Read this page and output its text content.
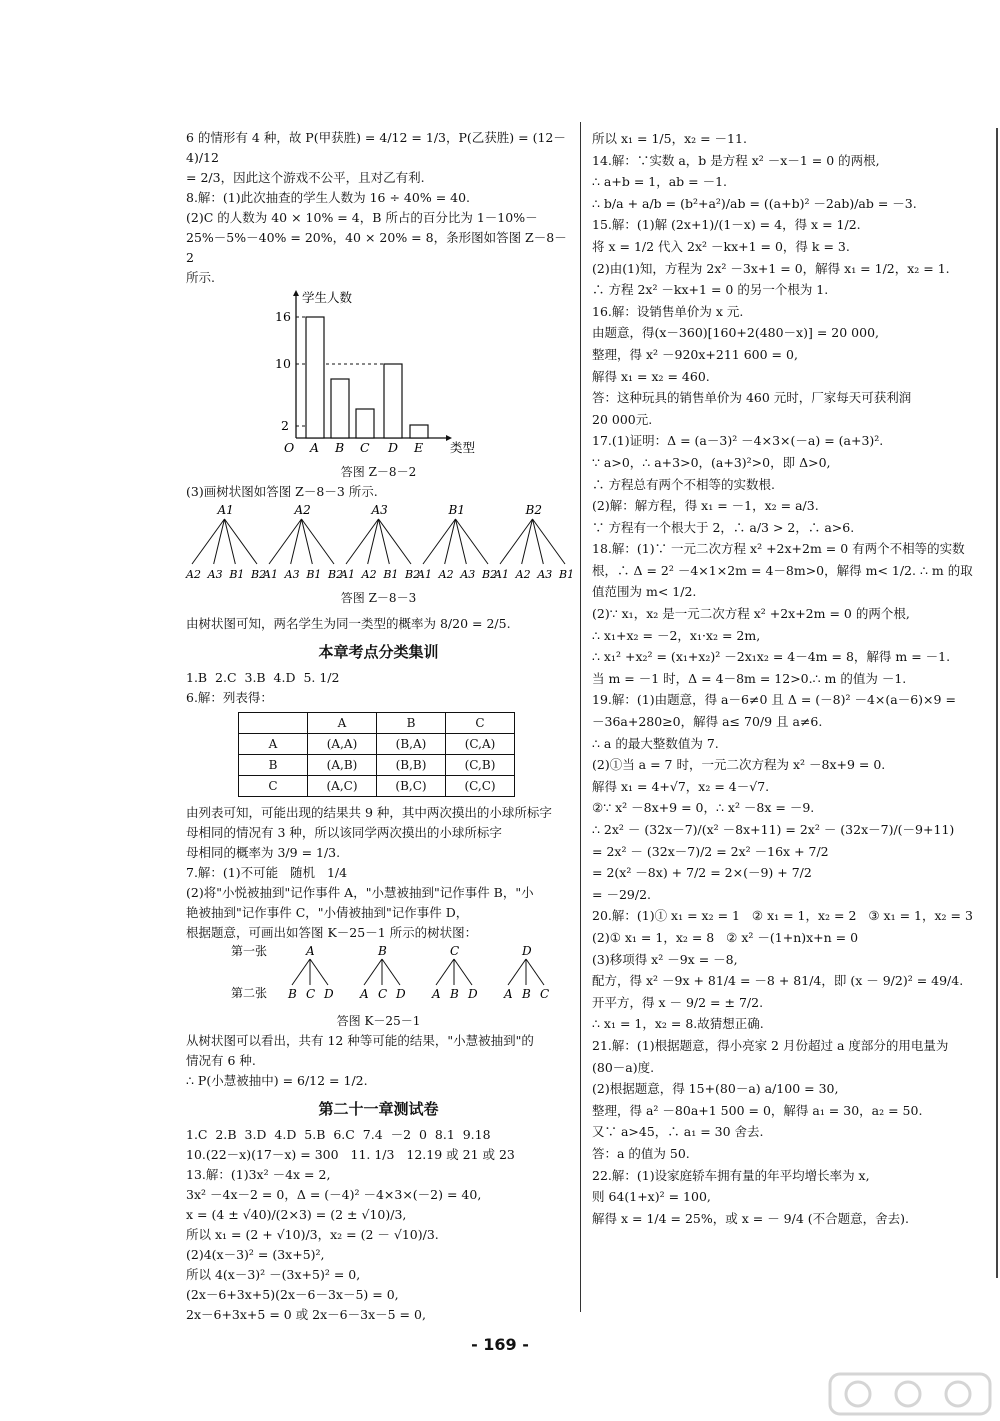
6 的情形有 4 种，故 P(甲获胜) = 4/12 = 1/3，P(乙获胜) = (12－4)/12
= 2/3，因此这个游戏不公平，且对乙有利.
8.解：(1)此次抽查的学生人数为 16 ÷ 40% = 40.
(2)C 的人数为 40 × 10% = 4，B 所占的百分比为 1－10%－
25%－5%－40% = 20%，40 × 20% = 8，条形图如答图 Z－8－2
所示.
学生人数
类型
O
2
10
16
A B C D E
答图 Z－8－2
(3)画树状图如答图 Z－8－3 所示.
A1
A2 A3 B1 B2
A2
A1 A3 B1 B2
A3
A1 A2 B1 B2
B1
A1 A2 A3 B2
B2
A1 A2 A3 B1
答图 Z－8－3
由树状图可知，两名学生为同一类型的概率为 8/20 = 2/5.
本章考点分类集训
1.B  2.C  3.B  4.D  5. 1/2
6.解：列表得：
	A	B	C
A	(A,A)	(B,A)	(C,A)
B	(A,B)	(B,B)	(C,B)
C	(A,C)	(B,C)	(C,C)
由列表可知，可能出现的结果共 9 种，其中两次摸出的小球所标字
母相同的情况有 3 种，所以该同学两次摸出的小球所标字
母相同的概率为 3/9 = 1/3.
7.解：(1)不可能   随机   1/4
(2)将"小悦被抽到"记作事件 A，"小慧被抽到"记作事件 B，"小
艳被抽到"记作事件 C，"小倩被抽到"记作事件 D，
根据题意，可画出如答图 K－25－1 所示的树状图：
第一张
第二张
A
B C D
B
A C D
C
A B D
D
A B C
答图 K－25－1
从树状图可以看出，共有 12 种等可能的结果，"小慧被抽到"的
情况有 6 种.
∴ P(小慧被抽中) = 6/12 = 1/2.
第二十一章测试卷
1.C  2.B  3.D  4.D  5.B  6.C  7.4  －2  0  8.1  9.18
10.(22－x)(17－x) = 300   11. 1/3   12.19 或 21 或 23
13.解：(1)3x² －4x = 2,
3x² －4x－2 = 0，Δ = (－4)² －4×3×(－2) = 40,
x = (4 ± √40)/(2×3) = (2 ± √10)/3,
所以 x₁ = (2 + √10)/3，x₂ = (2 － √10)/3.
(2)4(x－3)² = (3x+5)²,
所以 4(x－3)² －(3x+5)² = 0,
(2x－6+3x+5)(2x－6－3x－5) = 0,
2x－6+3x+5 = 0 或 2x－6－3x－5 = 0,
所以 x₁ = 1/5，x₂ = －11.
14.解：∵实数 a，b 是方程 x² －x－1 = 0 的两根,
∴ a+b = 1，ab = －1.
∴ b/a + a/b = (b²+a²)/ab = ((a+b)² －2ab)/ab = －3.
15.解：(1)解 (2x+1)/(1－x) = 4，得 x = 1/2.
将 x = 1/2 代入 2x² －kx+1 = 0，得 k = 3.
(2)由(1)知，方程为 2x² －3x+1 = 0，解得 x₁ = 1/2，x₂ = 1.
∴ 方程 2x² －kx+1 = 0 的另一个根为 1.
16.解：设销售单价为 x 元.
由题意，得(x－360)[160+2(480－x)] = 20 000,
整理，得 x² －920x+211 600 = 0,
解得 x₁ = x₂ = 460.
答：这种玩具的销售单价为 460 元时，厂家每天可获利润
20 000元.
17.(1)证明：Δ = (a－3)² －4×3×(－a) = (a+3)².
∵ a>0，∴ a+3>0，(a+3)²>0，即 Δ>0,
∴ 方程总有两个不相等的实数根.
(2)解：解方程，得 x₁ = －1，x₂ = a/3.
∵ 方程有一个根大于 2，∴ a/3 > 2，∴ a>6.
18.解：(1)∵ 一元二次方程 x² +2x+2m = 0 有两个不相等的实数
根，∴ Δ = 2² －4×1×2m = 4－8m>0，解得 m< 1/2. ∴ m 的取
值范围为 m< 1/2.
(2)∵ x₁，x₂ 是一元二次方程 x² +2x+2m = 0 的两个根,
∴ x₁+x₂ = －2，x₁·x₂ = 2m,
∴ x₁² +x₂² = (x₁+x₂)² －2x₁x₂ = 4－4m = 8，解得 m = －1.
当 m = －1 时，Δ = 4－8m = 12>0.∴ m 的值为 －1.
19.解：(1)由题意，得 a－6≠0 且 Δ = (－8)² －4×(a－6)×9 =
－36a+280≥0，解得 a≤ 70/9 且 a≠6.
∴ a 的最大整数值为 7.
(2)①当 a = 7 时，一元二次方程为 x² －8x+9 = 0.
解得 x₁ = 4+√7，x₂ = 4－√7.
②∵ x² －8x+9 = 0，∴ x² －8x = －9.
∴ 2x² － (32x－7)/(x² －8x+11) = 2x² － (32x－7)/(－9+11)
= 2x² － (32x－7)/2 = 2x² －16x + 7/2
= 2(x² －8x) + 7/2 = 2×(－9) + 7/2
= －29/2.
20.解：(1)① x₁ = x₂ = 1   ② x₁ = 1，x₂ = 2   ③ x₁ = 1，x₂ = 3
(2)① x₁ = 1，x₂ = 8   ② x² －(1+n)x+n = 0
(3)移项得 x² －9x = －8,
配方，得 x² －9x + 81/4 = －8 + 81/4，即 (x － 9/2)² = 49/4.
开平方，得 x － 9/2 = ± 7/2.
∴ x₁ = 1，x₂ = 8.故猜想正确.
21.解：(1)根据题意，得小亮家 2 月份超过 a 度部分的用电量为
(80－a)度.
(2)根据题意，得 15+(80－a) a/100 = 30,
整理，得 a² －80a+1 500 = 0，解得 a₁ = 30，a₂ = 50.
又∵ a>45，∴ a₁ = 30 舍去.
答：a 的值为 50.
22.解：(1)设家庭轿车拥有量的年平均增长率为 x,
则 64(1+x)² = 100,
解得 x = 1/4 = 25%，或 x = － 9/4 (不合题意，舍去).
- 169 -
